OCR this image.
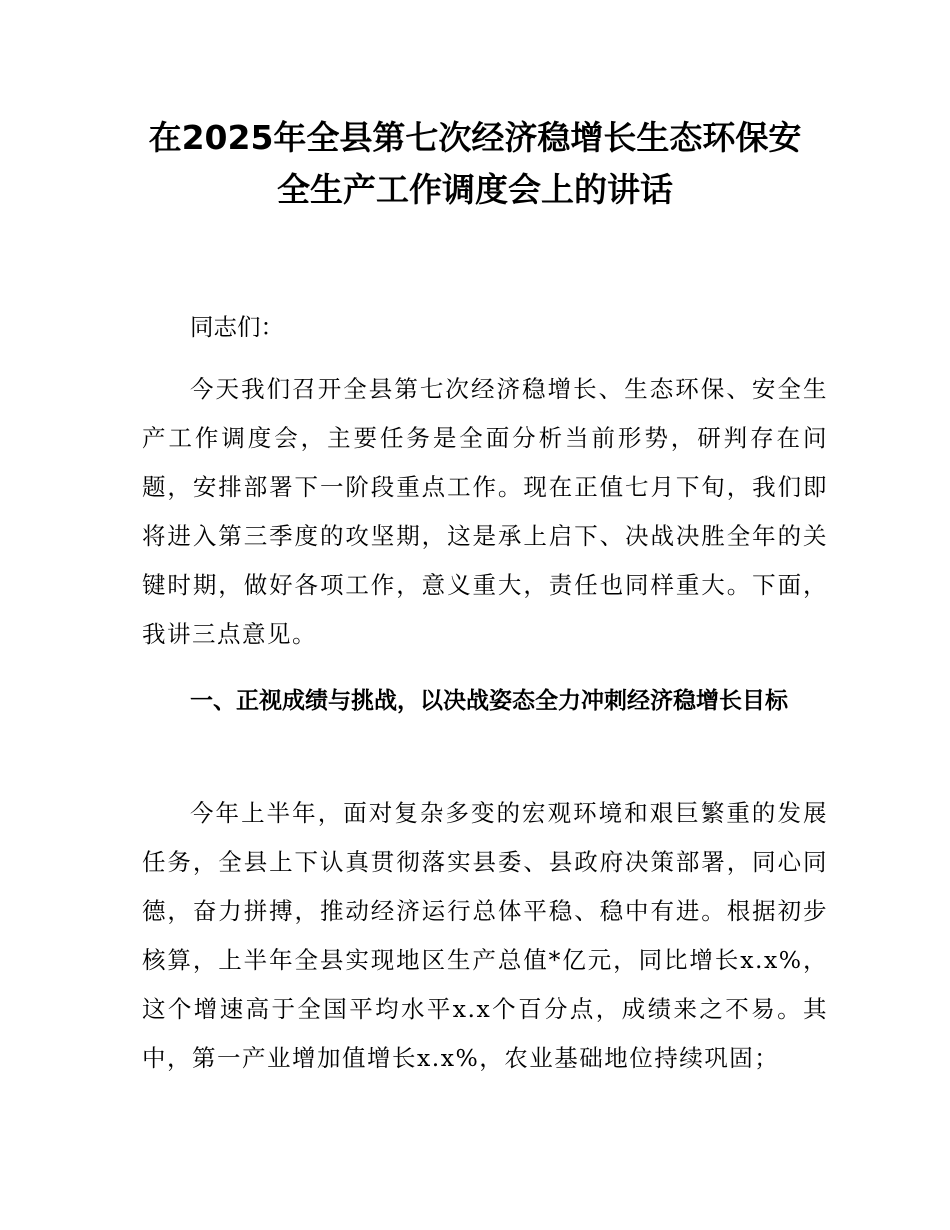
在2025年全县第七次经济稳增长生态环保安
全生产工作调度会上的讲话

同志们：

今天我们召开全县第七次经济稳增长、生态环保、安全生产工作调度会，主要任务是全面分析当前形势，研判存在问题，安排部署下一阶段重点工作。现在正值七月下旬，我们即将进入第三季度的攻坚期，这是承上启下、决战决胜全年的关键时期，做好各项工作，意义重大，责任也同样重大。下面，我讲三点意见。

一、正视成绩与挑战，以决战姿态全力冲刺经济稳增长目标

今年上半年，面对复杂多变的宏观环境和艰巨繁重的发展任务，全县上下认真贯彻落实县委、县政府决策部署，同心同德，奋力拼搏，推动经济运行总体平稳、稳中有进。根据初步核算，上半年全县实现地区生产总值*亿元，同比增长x.x%，这个增速高于全国平均水平x.x个百分点，成绩来之不易。其中，第一产业增加值增长x.x%，农业基础地位持续巩固；
